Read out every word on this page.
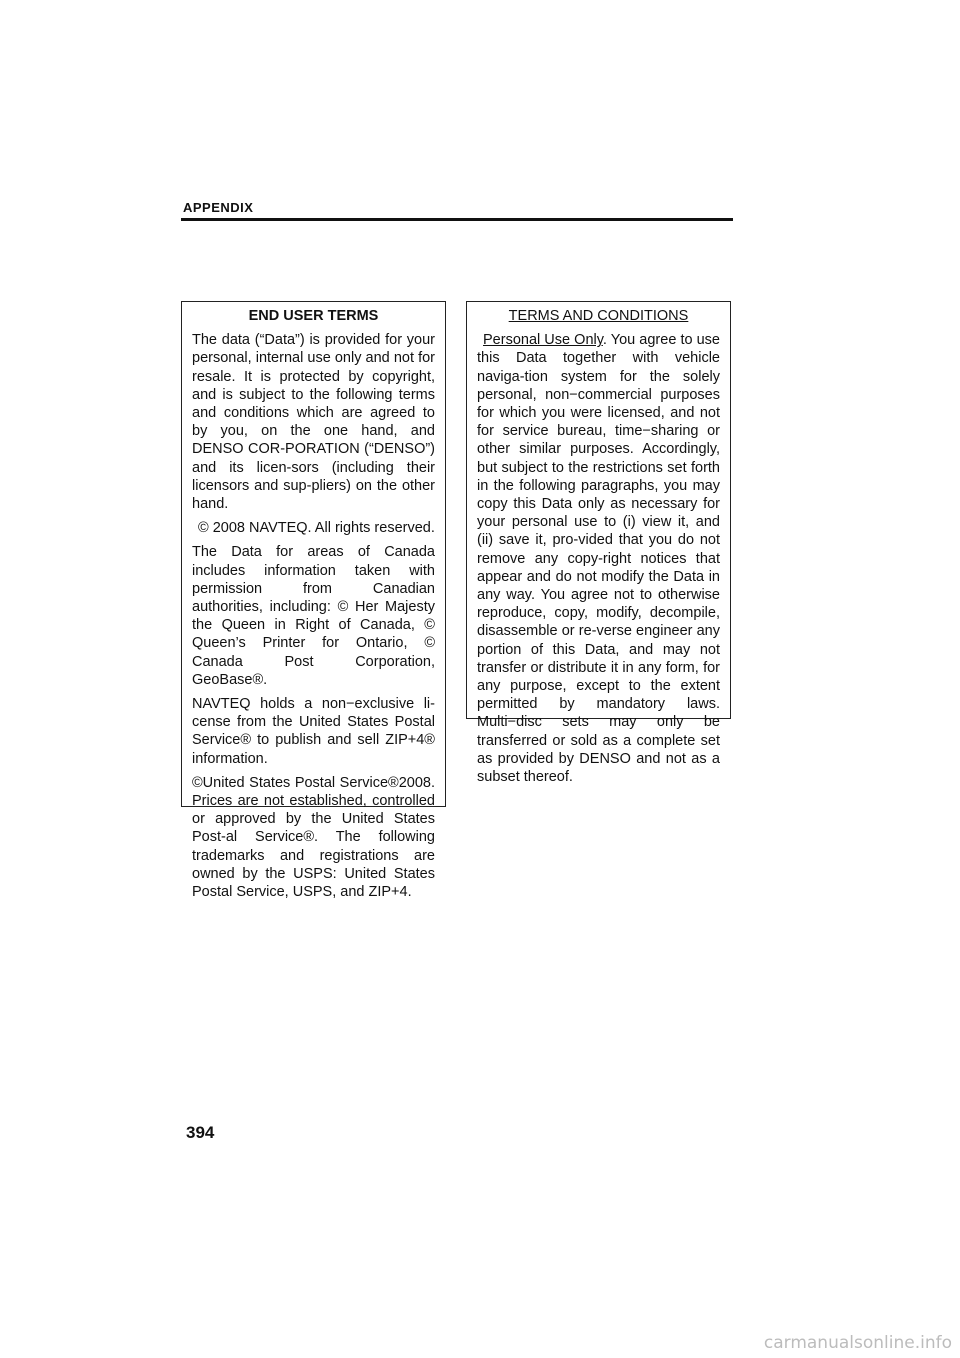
APPENDIX
END USER TERMS

The data (“Data”) is provided for your personal, internal use only and not for resale. It is protected by copyright, and is subject to the following terms and conditions which are agreed to by you, on the one hand, and DENSO COR-PORATION (“DENSO”) and its licen-sors (including their licensors and sup-pliers) on the other hand.

© 2008 NAVTEQ. All rights reserved.

The Data for areas of Canada includes information taken with permission from Canadian authorities, including: © Her Majesty the Queen in Right of Canada, © Queen’s Printer for Ontario, © Canada Post Corporation, GeoBase®.

NAVTEQ holds a non−exclusive li-cense from the United States Postal Service® to publish and sell ZIP+4® information.

©United States Postal Service®2008. Prices are not established, controlled or approved by the United States Post-al Service®. The following trademarks and registrations are owned by the USPS: United States Postal Service, USPS, and ZIP+4.

TERMS AND CONDITIONS

Personal Use Only. You agree to use this Data together with vehicle naviga-tion system for the solely personal, non−commercial purposes for which you were licensed, and not for service bureau, time−sharing or other similar purposes. Accordingly, but subject to the restrictions set forth in the following paragraphs, you may copy this Data only as necessary for your personal use to (i) view it, and (ii) save it, pro-vided that you do not remove any copy-right notices that appear and do not modify the Data in any way. You agree not to otherwise reproduce, copy, modify, decompile, disassemble or re-verse engineer any portion of this Data, and may not transfer or distribute it in any form, for any purpose, except to the extent permitted by mandatory laws. Multi−disc sets may only be transferred or sold as a complete set as provided by DENSO and not as a subset thereof.

394
carmanualsonline.info
